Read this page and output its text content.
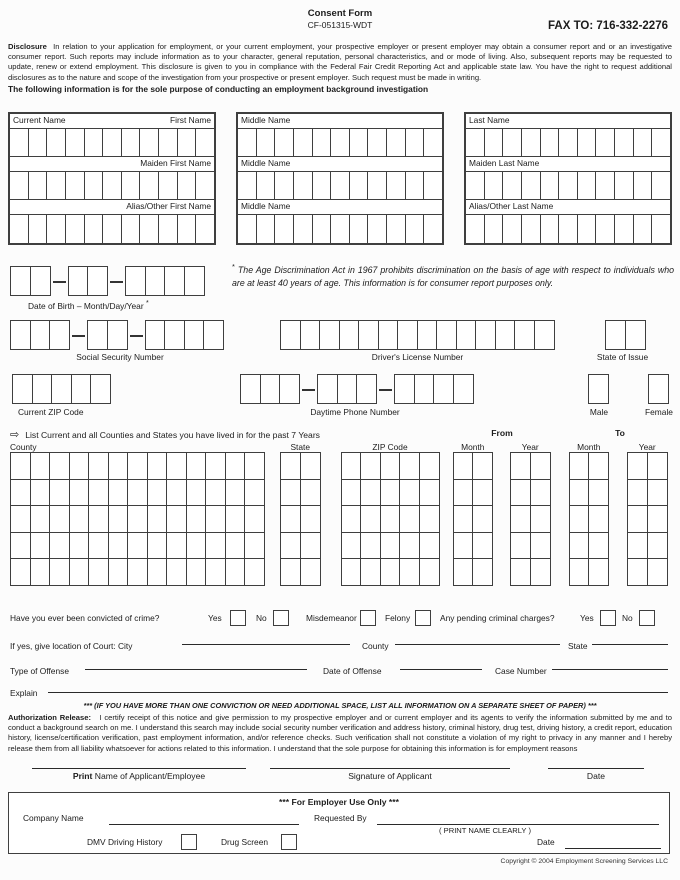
Consent Form
CF-051315-WDT	FAX TO: 716-332-2276
Disclosure In relation to your application for employment, or your current employment, your prospective employer or present employer may obtain a consumer report and or an investigative consumer report. Such reports may include information as to your character, general reputation, personal characteristics, and or mode of living. Also, subsequent reports may be requested to update, renew or extend employment. This disclosure is given to you in compliance with the Federal Fair Credit Reporting Act and applicable state law. You have the right to request additional disclosures as to the nature and scope of the investigation from your prospective or present employer. Such request must be made in writing.
The following information is for the sole purpose of conducting an employment background investigation
Current Name	First Name
Maiden First Name
Alias/Other First Name
Middle Name
Middle Name
Middle Name
Last Name
Maiden Last Name
Alias/Other Last Name
Date of Birth – Month/Day/Year *
* The Age Discrimination Act in 1967 prohibits discrimination on the basis of age with respect to individuals who are at least 40 years of age. This information is for consumer report purposes only.
Social Security Number	Driver's License Number	State of Issue
Current ZIP Code	Daytime Phone Number	Male	Female
⇨ List Current and all Counties and States you have lived in for the past 7 Years	From	To
County	State	ZIP Code	Month	Year	Month	Year
Have you ever been convicted of crime?	Yes	No	Misdemeanor	Felony	Any pending criminal charges?	Yes	No
If yes, give location of Court: City	County	State
Type of Offense	Date of Offense	Case Number
Explain
*** (IF YOU HAVE MORE THAN ONE CONVICTION OR NEED ADDITIONAL SPACE, LIST ALL INFORMATION ON A SEPARATE SHEET OF PAPER) ***
Authorization Release: I certify receipt of this notice and give permission to my prospective employer and or current employer and its agents to verify the information submitted by me and to conduct a background search on me. I understand this search may include social security number verification and address history, criminal history, drug test, driving history, a credit report, education history, license/certification verification, past employment information, and/or reference checks. Such verification shall not constitute a violation of my right to privacy in any manner and I hereby release them from all liability whatsoever for actions related to this information. I understand that the sole purpose for obtaining this information is for employment reasons
Print Name of Applicant/Employee	Signature of Applicant	Date
*** For Employer Use Only ***
Company Name	Requested By
( PRINT NAME CLEARLY )
DMV Driving History	Drug Screen	Date
Copyright © 2004 Employment Screening Services LLC
